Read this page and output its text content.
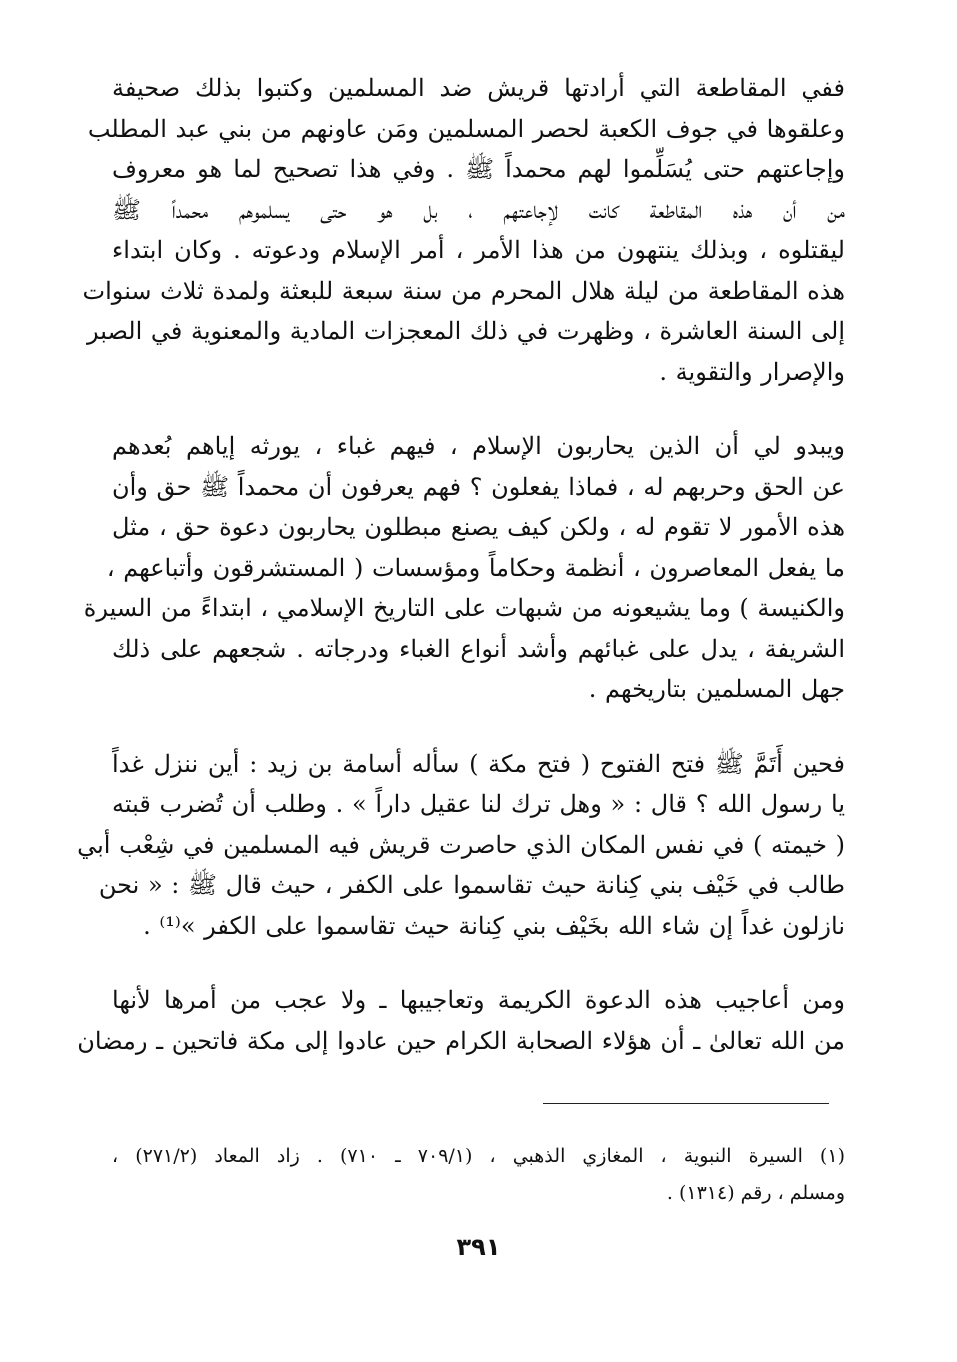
ففي المقاطعة التي أرادتها قريش ضد المسلمين وكتبوا بذلك صحيفة
وعلقوها في جوف الكعبة لحصر المسلمين ومَن عاونهم من بني عبد المطلب
وإجاعتهم حتى يُسَلِّموا لهم محمداً ﷺ . وفي هذا تصحيح لما هو معروف
من أن هذه المقاطعة كانت لإجاعتهم ، بل هو حتى يسلموهم محمداً ﷺ
ليقتلوه ، وبذلك ينتهون من هذا الأمر ، أمر الإسلام ودعوته . وكان ابتداء
هذه المقاطعة من ليلة هلال المحرم من سنة سبعة للبعثة ولمدة ثلاث سنوات
إلى السنة العاشرة ، وظهرت في ذلك المعجزات المادية والمعنوية في الصبر
والإصرار والتقوية .

ويبدو لي أن الذين يحاربون الإسلام ، فيهم غباء ، يورثه إياهم بُعدهم
عن الحق وحربهم له ، فماذا يفعلون ؟ فهم يعرفون أن محمداً ﷺ حق وأن
هذه الأمور لا تقوم له ، ولكن كيف يصنع مبطلون يحاربون دعوة حق ، مثل
ما يفعل المعاصرون ، أنظمة وحكاماً ومؤسسات ( المستشرقون وأتباعهم ،
والكنيسة ) وما يشيعونه من شبهات على التاريخ الإسلامي ، ابتداءً من السيرة
الشريفة ، يدل على غبائهم وأشد أنواع الغباء ودرجاته . شجعهم على ذلك
جهل المسلمين بتاريخهم .

فحين أَتَمَّ ﷺ فتح الفتوح ( فتح مكة ) سأله أسامة بن زيد : أين ننزل غداً
يا رسول الله ؟ قال : « وهل ترك لنا عقيل داراً » . وطلب أن تُضرب قبته
( خيمته ) في نفس المكان الذي حاصرت قريش فيه المسلمين في شِعْب أبي
طالب في خَيْف بني كِنانة حيث تقاسموا على الكفر ، حيث قال ﷺ : « نحن
نازلون غداً إن شاء الله بخَيْف بني كِنانة حيث تقاسموا على الكفر »⁽¹⁾ .

ومن أعاجيب هذه الدعوة الكريمة وتعاجيبها ـ ولا عجب من أمرها لأنها
من الله تعالىٰ ـ أن هؤلاء الصحابة الكرام حين عادوا إلى مكة فاتحين ـ رمضان

(١) السيرة النبوية ، المغازي الذهبي ، (٧٠٩/١ ـ ٧١٠) . زاد المعاد (٢٧١/٢) ،
ومسلم ، رقم (١٣١٤) .
٣٩١
